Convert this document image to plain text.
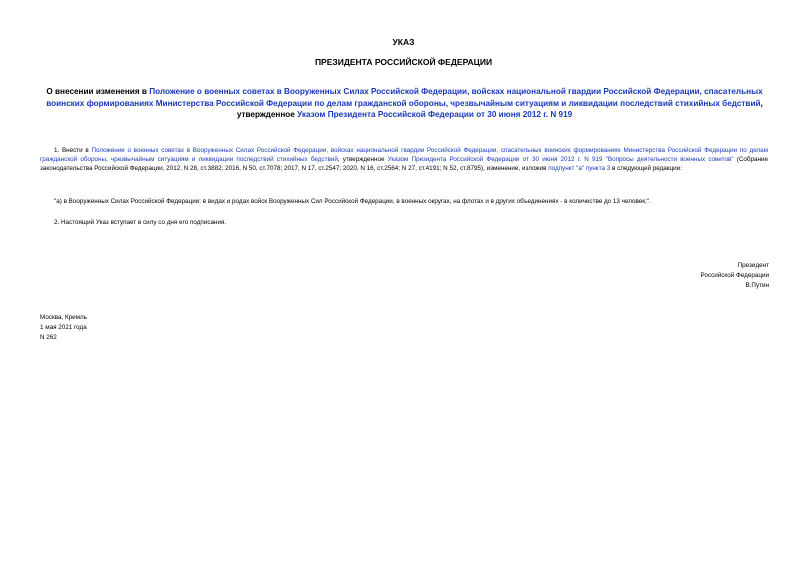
УКАЗ
ПРЕЗИДЕНТА РОССИЙСКОЙ ФЕДЕРАЦИИ
О внесении изменения в Положение о военных советах в Вооруженных Силах Российской Федерации, войсках национальной гвардии Российской Федерации, спасательных воинских формированиях Министерства Российской Федерации по делам гражданской обороны, чрезвычайным ситуациям и ликвидации последствий стихийных бедствий, утвержденное Указом Президента Российской Федерации от 30 июня 2012 г. N 919
1. Внести в Положение о военных советах в Вооруженных Силах Российской Федерации, войсках национальной гвардии Российской Федерации, спасательных воинских формированиях Министерства Российской Федерации по делам гражданской обороны, чрезвычайным ситуациям и ликвидации последствий стихийных бедствий, утвержденное Указом Президента Российской Федерации от 30 июня 2012 г. N 919 "Вопросы деятельности военных советов" (Собрание законодательства Российской Федерации, 2012, N 28, ст.3882; 2016, N 50, ст.7078; 2017, N 17, ст.2547; 2020, N 16, ст.2564; N 27, ст.4191; N 52, ст.8795), изменение, изложив подпункт "а" пункта 3 в следующей редакции:
"а) в Вооруженных Силах Российской Федерации: в видах и родах войск Вооруженных Сил Российской Федерации, в военных округах, на флотах и в других объединениях - в количестве до 13 человек;".
2. Настоящий Указ вступает в силу со дня его подписания.
Президент
Российской Федерации
В.Путин
Москва, Кремль
1 мая 2021 года
N 262
